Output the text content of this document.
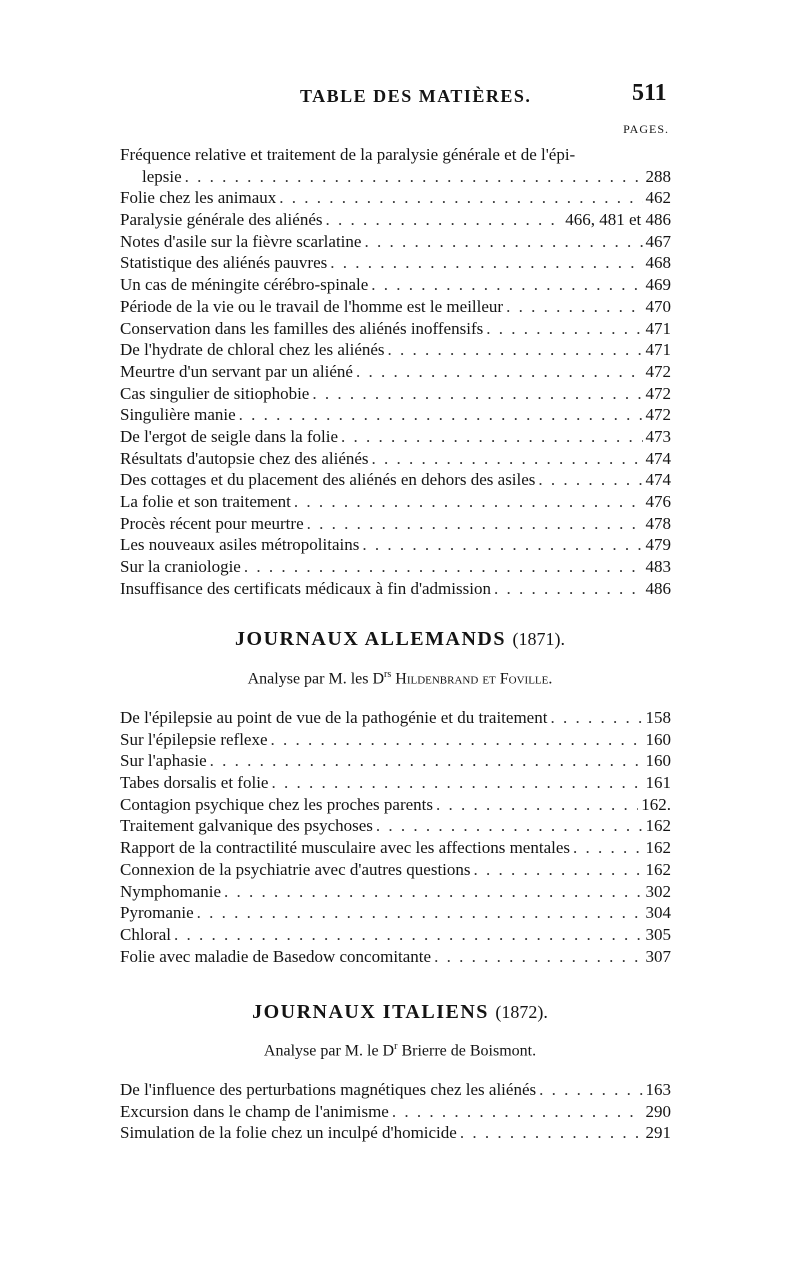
TABLE DES MATIÈRES.	511
PAGES.
Fréquence relative et traitement de la paralysie générale et de l'épi-
lepsie . . .	288
Folie chez les animaux . . .	462
Paralysie générale des aliénés . . .	466, 481 et 486
Notes d'asile sur la fièvre scarlatine . . .	467
Statistique des aliénés pauvres . . .	468
Un cas de méningite cérébro-spinale . . .	469
Période de la vie ou le travail de l'homme est le meilleur . . .	470
Conservation dans les familles des aliénés inoffensifs . . .	471
De l'hydrate de chloral chez les aliénés . . .	471
Meurtre d'un servant par un aliéné . . .	472
Cas singulier de sitiophobie . . .	472
Singulière manie . . .	472
De l'ergot de seigle dans la folie . . .	473
Résultats d'autopsie chez des aliénés . . .	474
Des cottages et du placement des aliénés en dehors des asiles . . .	474
La folie et son traitement . . .	476
Procès récent pour meurtre . . .	478
Les nouveaux asiles métropolitains . . .	479
Sur la craniologie . . .	483
Insuffisance des certificats médicaux à fin d'admission . . .	486
JOURNAUX ALLEMANDS (1871).
Analyse par M. les $D^{rs}$ Hildenbrand et Foville.
De l'épilepsie au point de vue de la pathogénie et du traitement . . .	158
Sur l'épilepsie reflexe . . .	160
Sur l'aphasie . . .	160
Tabes dorsalis et folie . . .	161
Contagion psychique chez les proches parents . . .	162.
Traitement galvanique des psychoses . . .	162
Rapport de la contractilité musculaire avec les affections mentales . . .	162
Connexion de la psychiatrie avec d'autres questions . . .	162
Nymphomanie . . .	302
Pyromanie . . .	304
Chloral . . .	305
Folie avec maladie de Basedow concomitante . . .	307
JOURNAUX ITALIENS (1872).
Analyse par M. le $D^r$ Brierre de Boismont.
De l'influence des perturbations magnétiques chez les aliénés . . .	163
Excursion dans le champ de l'animisme . . .	290
Simulation de la folie chez un inculpé d'homicide . . .	291
